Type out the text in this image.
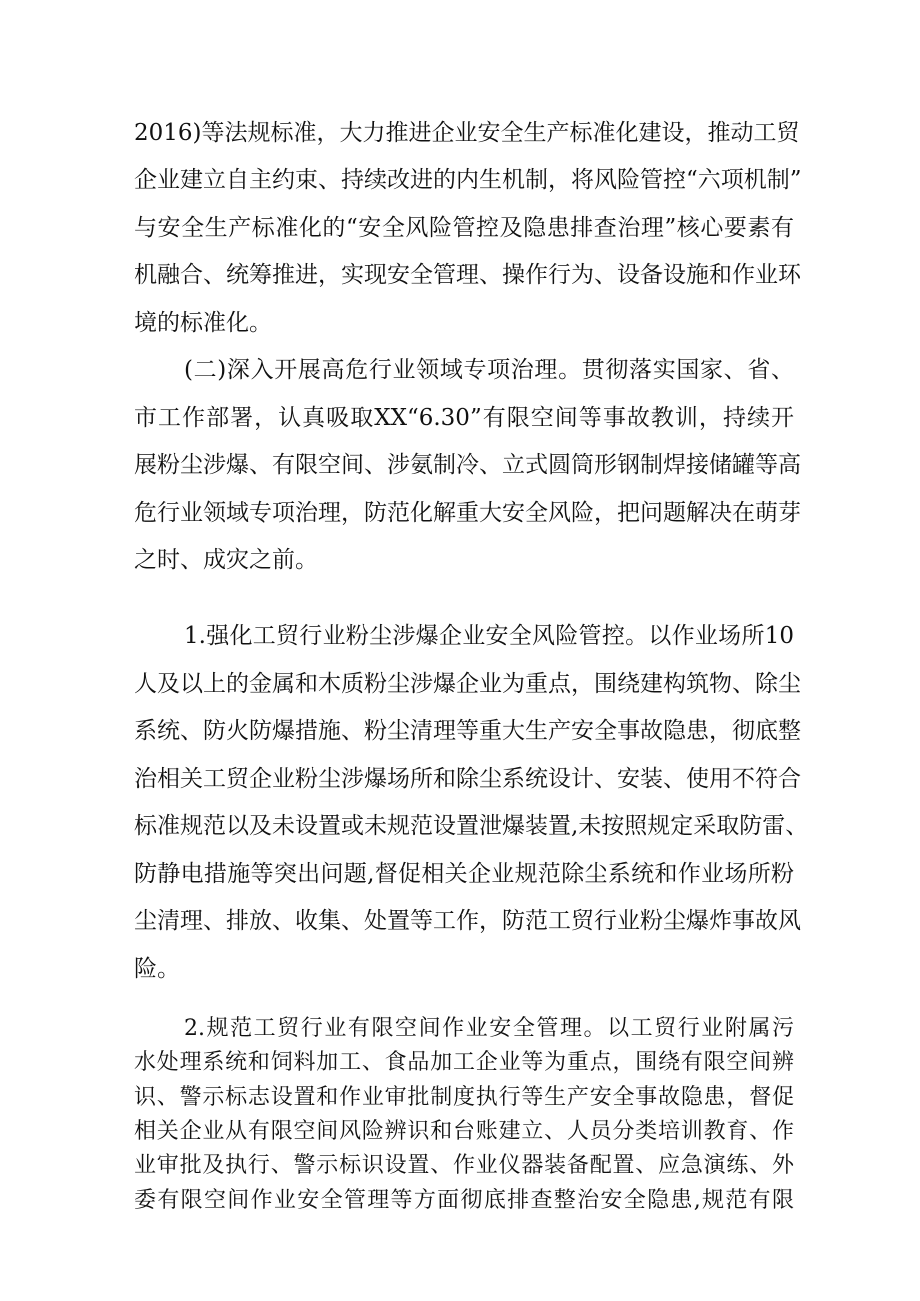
2016)等法规标准，大力推进企业安全生产标准化建设，推动工贸
企业建立自主约束、持续改进的内生机制，将风险管控“六项机制”
与安全生产标准化的“安全风险管控及隐患排查治理”核心要素有
机融合、统筹推进，实现安全管理、操作行为、设备设施和作业环
境的标准化。
(二)深入开展高危行业领域专项治理。贯彻落实国家、省、
市工作部署，认真吸取XX“6.30”有限空间等事故教训，持续开
展粉尘涉爆、有限空间、涉氨制冷、立式圆筒形钢制焊接储罐等高
危行业领域专项治理，防范化解重大安全风险，把问题解决在萌芽
之时、成灾之前。
1.强化工贸行业粉尘涉爆企业安全风险管控。以作业场所10
人及以上的金属和木质粉尘涉爆企业为重点，围绕建构筑物、除尘
系统、防火防爆措施、粉尘清理等重大生产安全事故隐患，彻底整
治相关工贸企业粉尘涉爆场所和除尘系统设计、安装、使用不符合
标准规范以及未设置或未规范设置泄爆装置,未按照规定采取防雷、
防静电措施等突出问题,督促相关企业规范除尘系统和作业场所粉
尘清理、排放、收集、处置等工作，防范工贸行业粉尘爆炸事故风
险。
2.规范工贸行业有限空间作业安全管理。以工贸行业附属污
水处理系统和饲料加工、食品加工企业等为重点，围绕有限空间辨
识、警示标志设置和作业审批制度执行等生产安全事故隐患，督促
相关企业从有限空间风险辨识和台账建立、人员分类培训教育、作
业审批及执行、警示标识设置、作业仪器装备配置、应急演练、外
委有限空间作业安全管理等方面彻底排查整治安全隐患,规范有限
